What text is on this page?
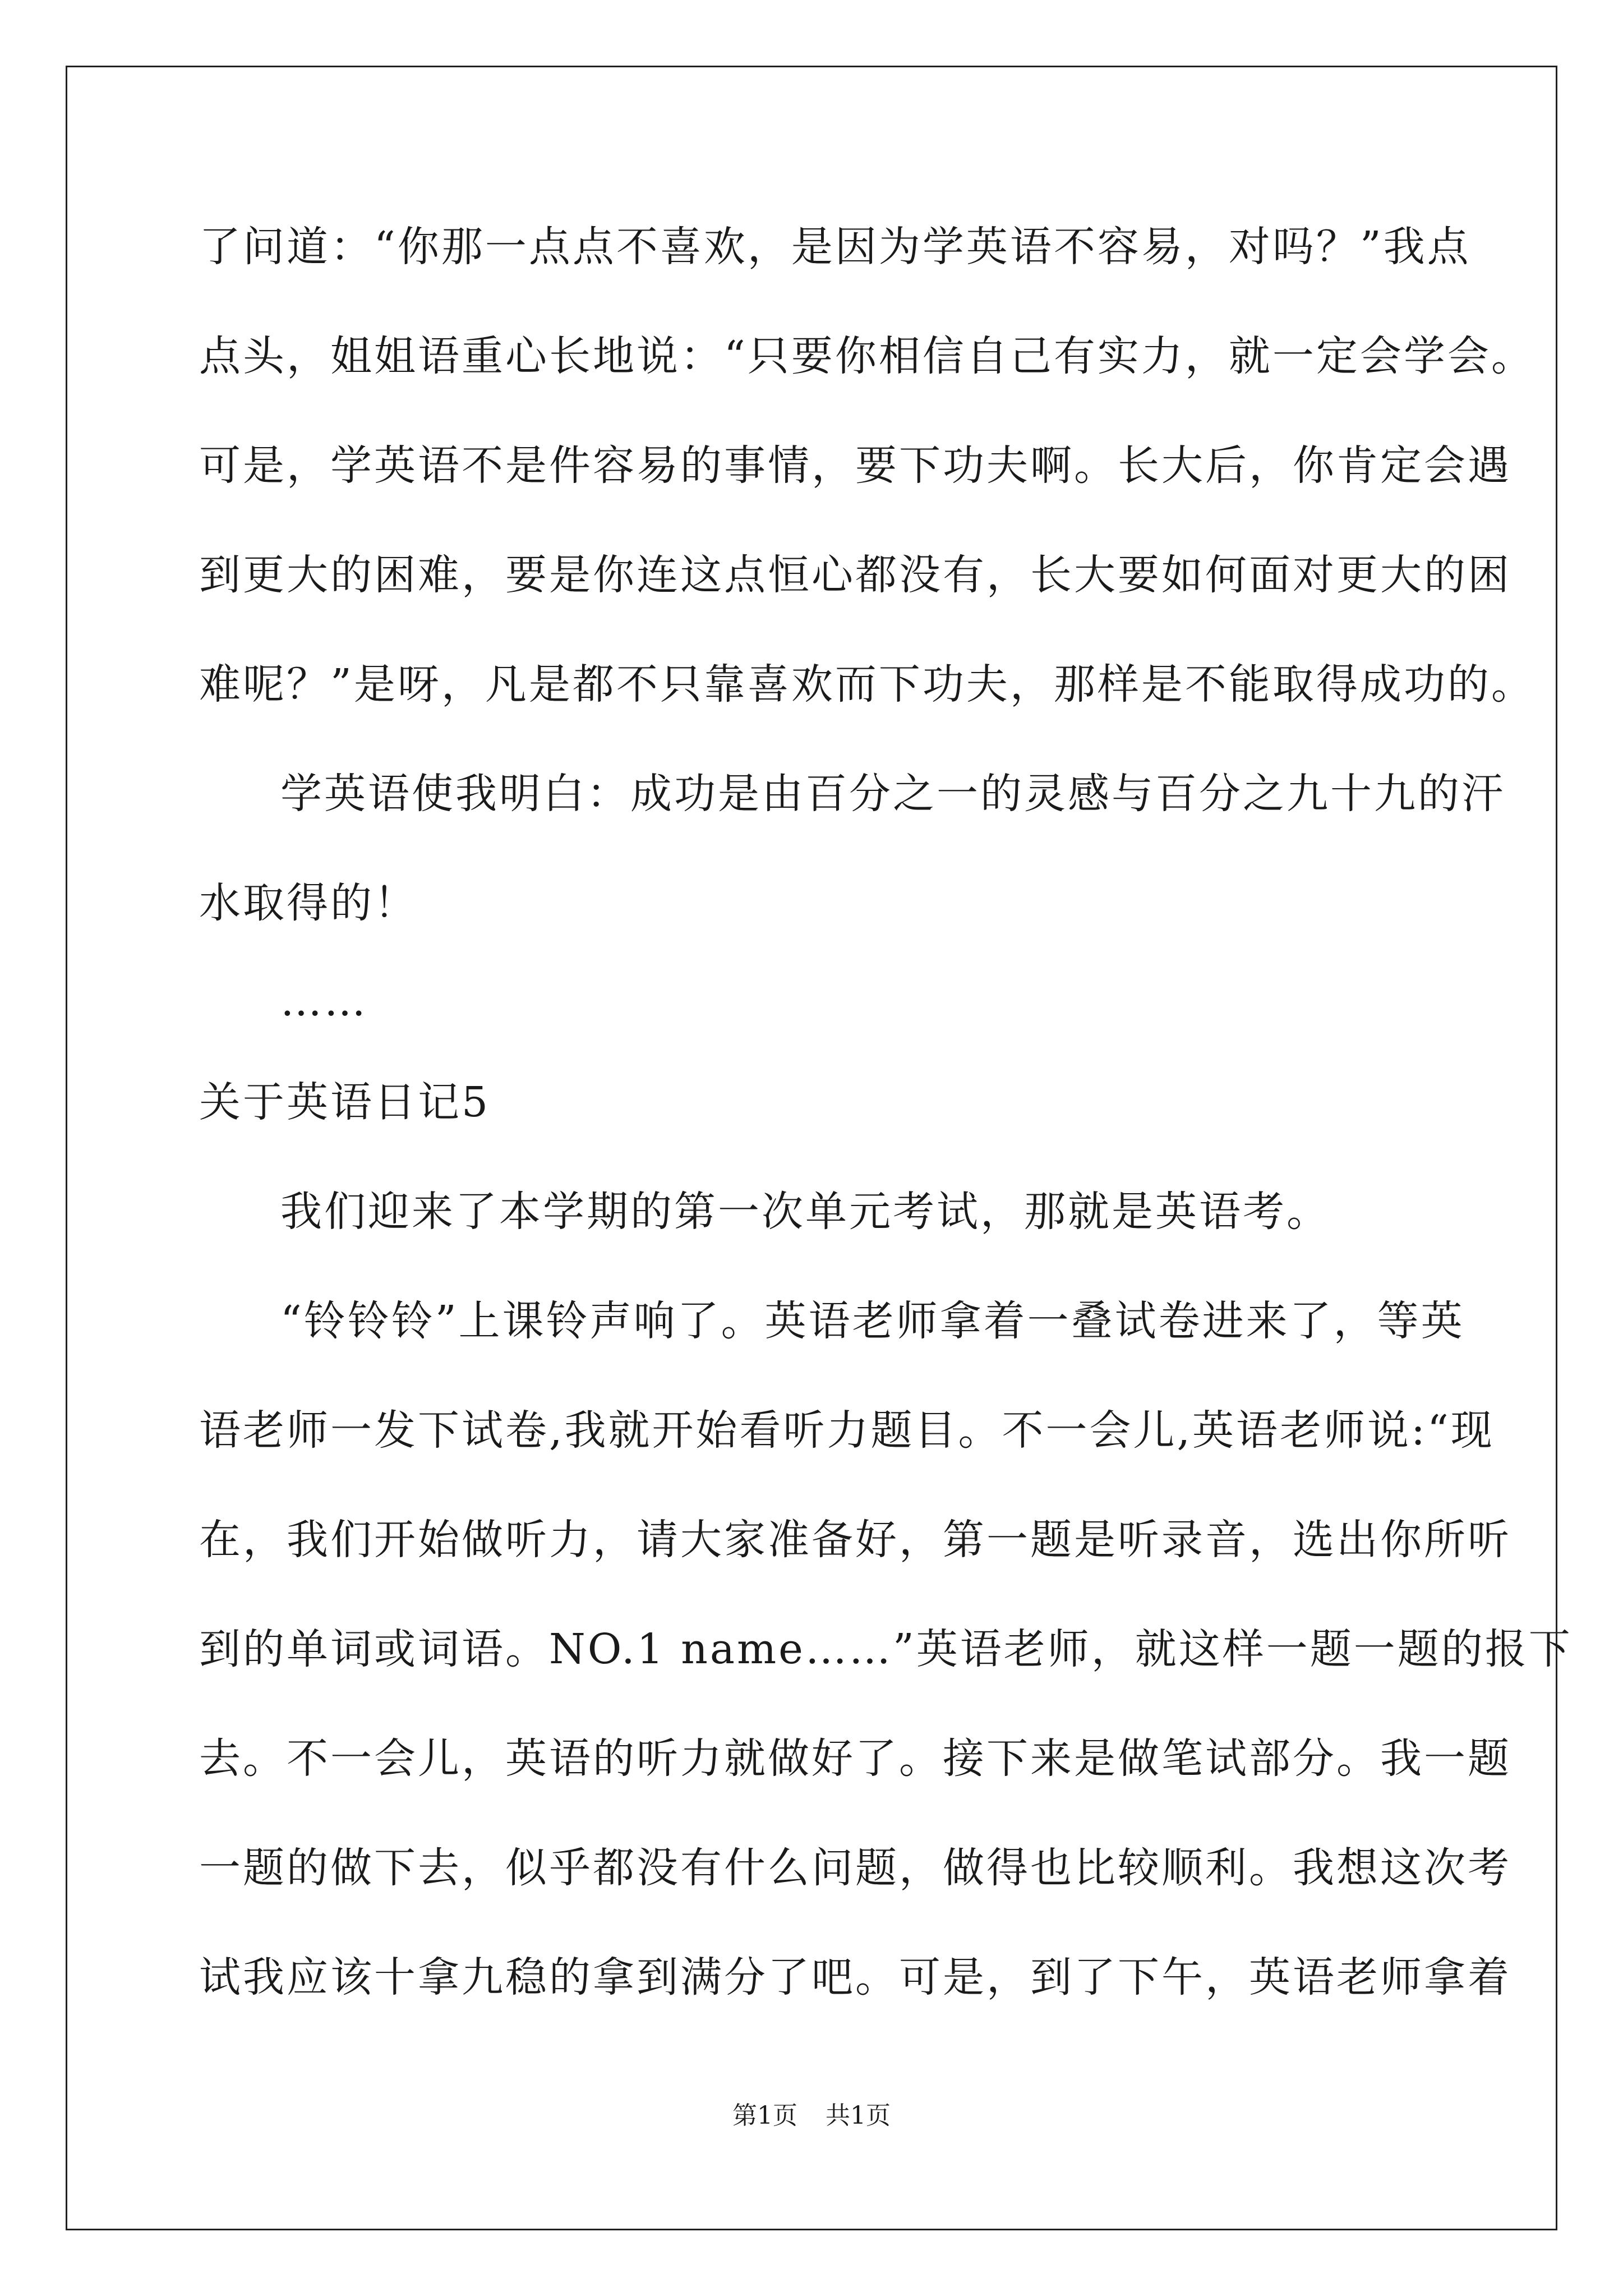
了问道：“你那一点点不喜欢，是因为学英语不容易，对吗？”我点
点头，姐姐语重心长地说：“只要你相信自己有实力，就一定会学会。
可是，学英语不是件容易的事情，要下功夫啊。长大后，你肯定会遇
到更大的困难，要是你连这点恒心都没有，长大要如何面对更大的困
难呢？”是呀，凡是都不只靠喜欢而下功夫，那样是不能取得成功的。
学英语使我明白：成功是由百分之一的灵感与百分之九十九的汗
水取得的！
……
关于英语日记5
我们迎来了本学期的第一次单元考试，那就是英语考。
“铃铃铃”上课铃声响了。英语老师拿着一叠试卷进来了，等英
语老师一发下试卷,我就开始看听力题目。不一会儿,英语老师说:“现
在，我们开始做听力，请大家准备好，第一题是听录音，选出你所听
到的单词或词语。NO.1 name……”英语老师，就这样一题一题的报下
去。不一会儿，英语的听力就做好了。接下来是做笔试部分。我一题
一题的做下去，似乎都没有什么问题，做得也比较顺利。我想这次考
试我应该十拿九稳的拿到满分了吧。可是，到了下午，英语老师拿着
第1页 共1页
